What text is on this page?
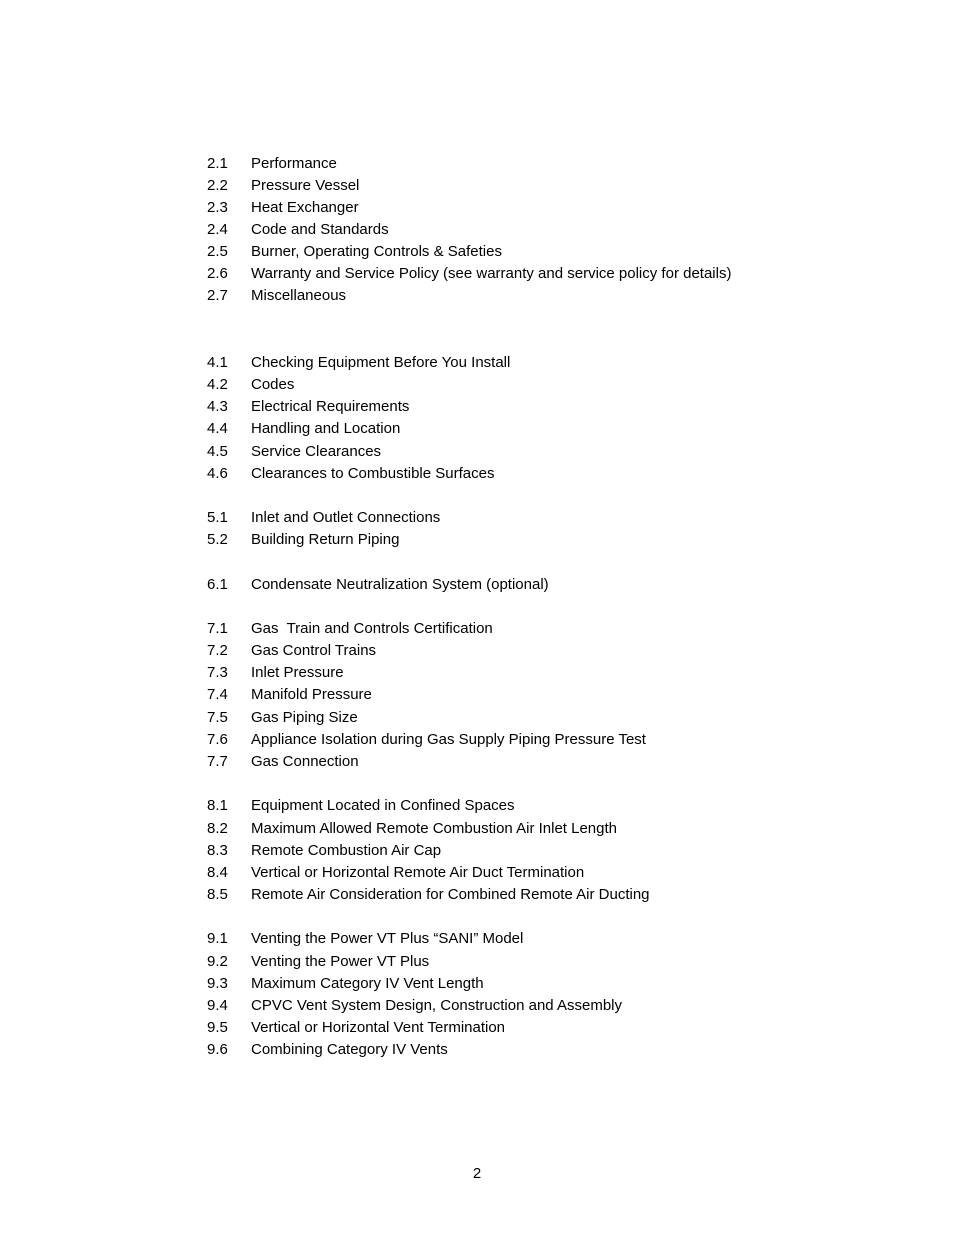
2.1	Performance
2.2	Pressure Vessel
2.3	Heat Exchanger
2.4	Code and Standards
2.5	Burner, Operating Controls & Safeties
2.6	Warranty and Service Policy (see warranty and service policy for details)
2.7	Miscellaneous
4.1	Checking Equipment Before You Install
4.2	Codes
4.3	Electrical Requirements
4.4	Handling and Location
4.5	Service Clearances
4.6	Clearances to Combustible Surfaces
5.1	Inlet and Outlet Connections
5.2	Building Return Piping
6.1	Condensate Neutralization System (optional)
7.1	Gas  Train and Controls Certification
7.2	Gas Control Trains
7.3	Inlet Pressure
7.4	Manifold Pressure
7.5	Gas Piping Size
7.6	Appliance Isolation during Gas Supply Piping Pressure Test
7.7	Gas Connection
8.1	Equipment Located in Confined Spaces
8.2	Maximum Allowed Remote Combustion Air Inlet Length
8.3	Remote Combustion Air Cap
8.4	Vertical or Horizontal Remote Air Duct Termination
8.5	Remote Air Consideration for Combined Remote Air Ducting
9.1	Venting the Power VT Plus “SANI” Model
9.2	Venting the Power VT Plus
9.3	Maximum Category IV Vent Length
9.4	CPVC Vent System Design, Construction and Assembly
9.5	Vertical or Horizontal Vent Termination
9.6	Combining Category IV Vents
2
